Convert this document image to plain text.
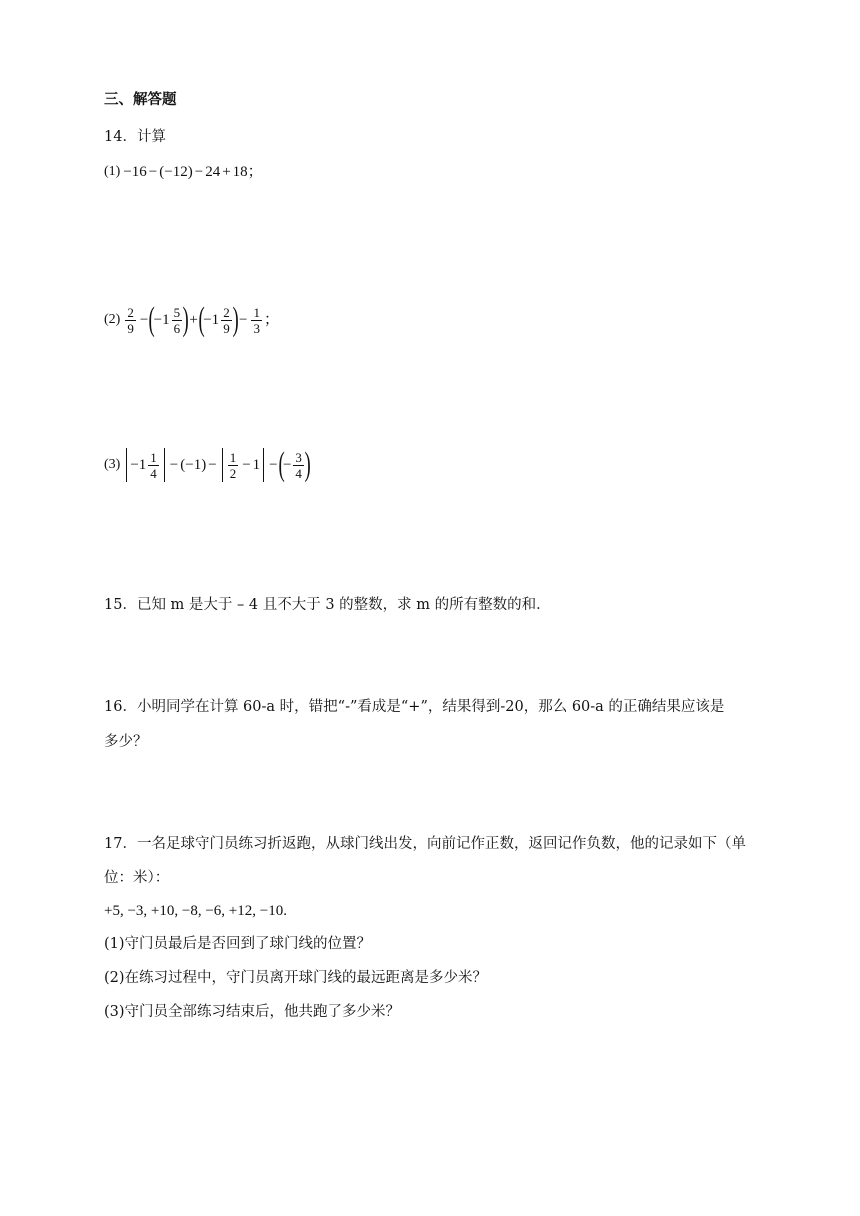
三、解答题
14．计算
(1) −16 − (−12) − 24 + 18 ；
$(2) \frac{2}{9}$ − (
$-1 \frac{5}{6}$ ) + (
$-1 \frac{2}{9}$ ) − $\frac{1}{3}$ ；
$(3) -1 \frac{1}{4} - (-1) - \frac{1}{2} - 1$ − (
− $\frac{3}{4}$ )
15．已知 m 是大于 – 4 且不大于 3 的整数，求 m 的所有整数的和．
16．小明同学在计算 60-a 时，错把“-”看成是“+”，结果得到-20，那么 60-a 的正确结果应该是
多少？
17．一名足球守门员练习折返跑，从球门线出发，向前记作正数，返回记作负数，他的记录如下（单
位：米）：
+5, −3, +10, −8, −6, +12, −10.
(1)守门员最后是否回到了球门线的位置？
(2)在练习过程中，守门员离开球门线的最远距离是多少米？
(3)守门员全部练习结束后，他共跑了多少米？
